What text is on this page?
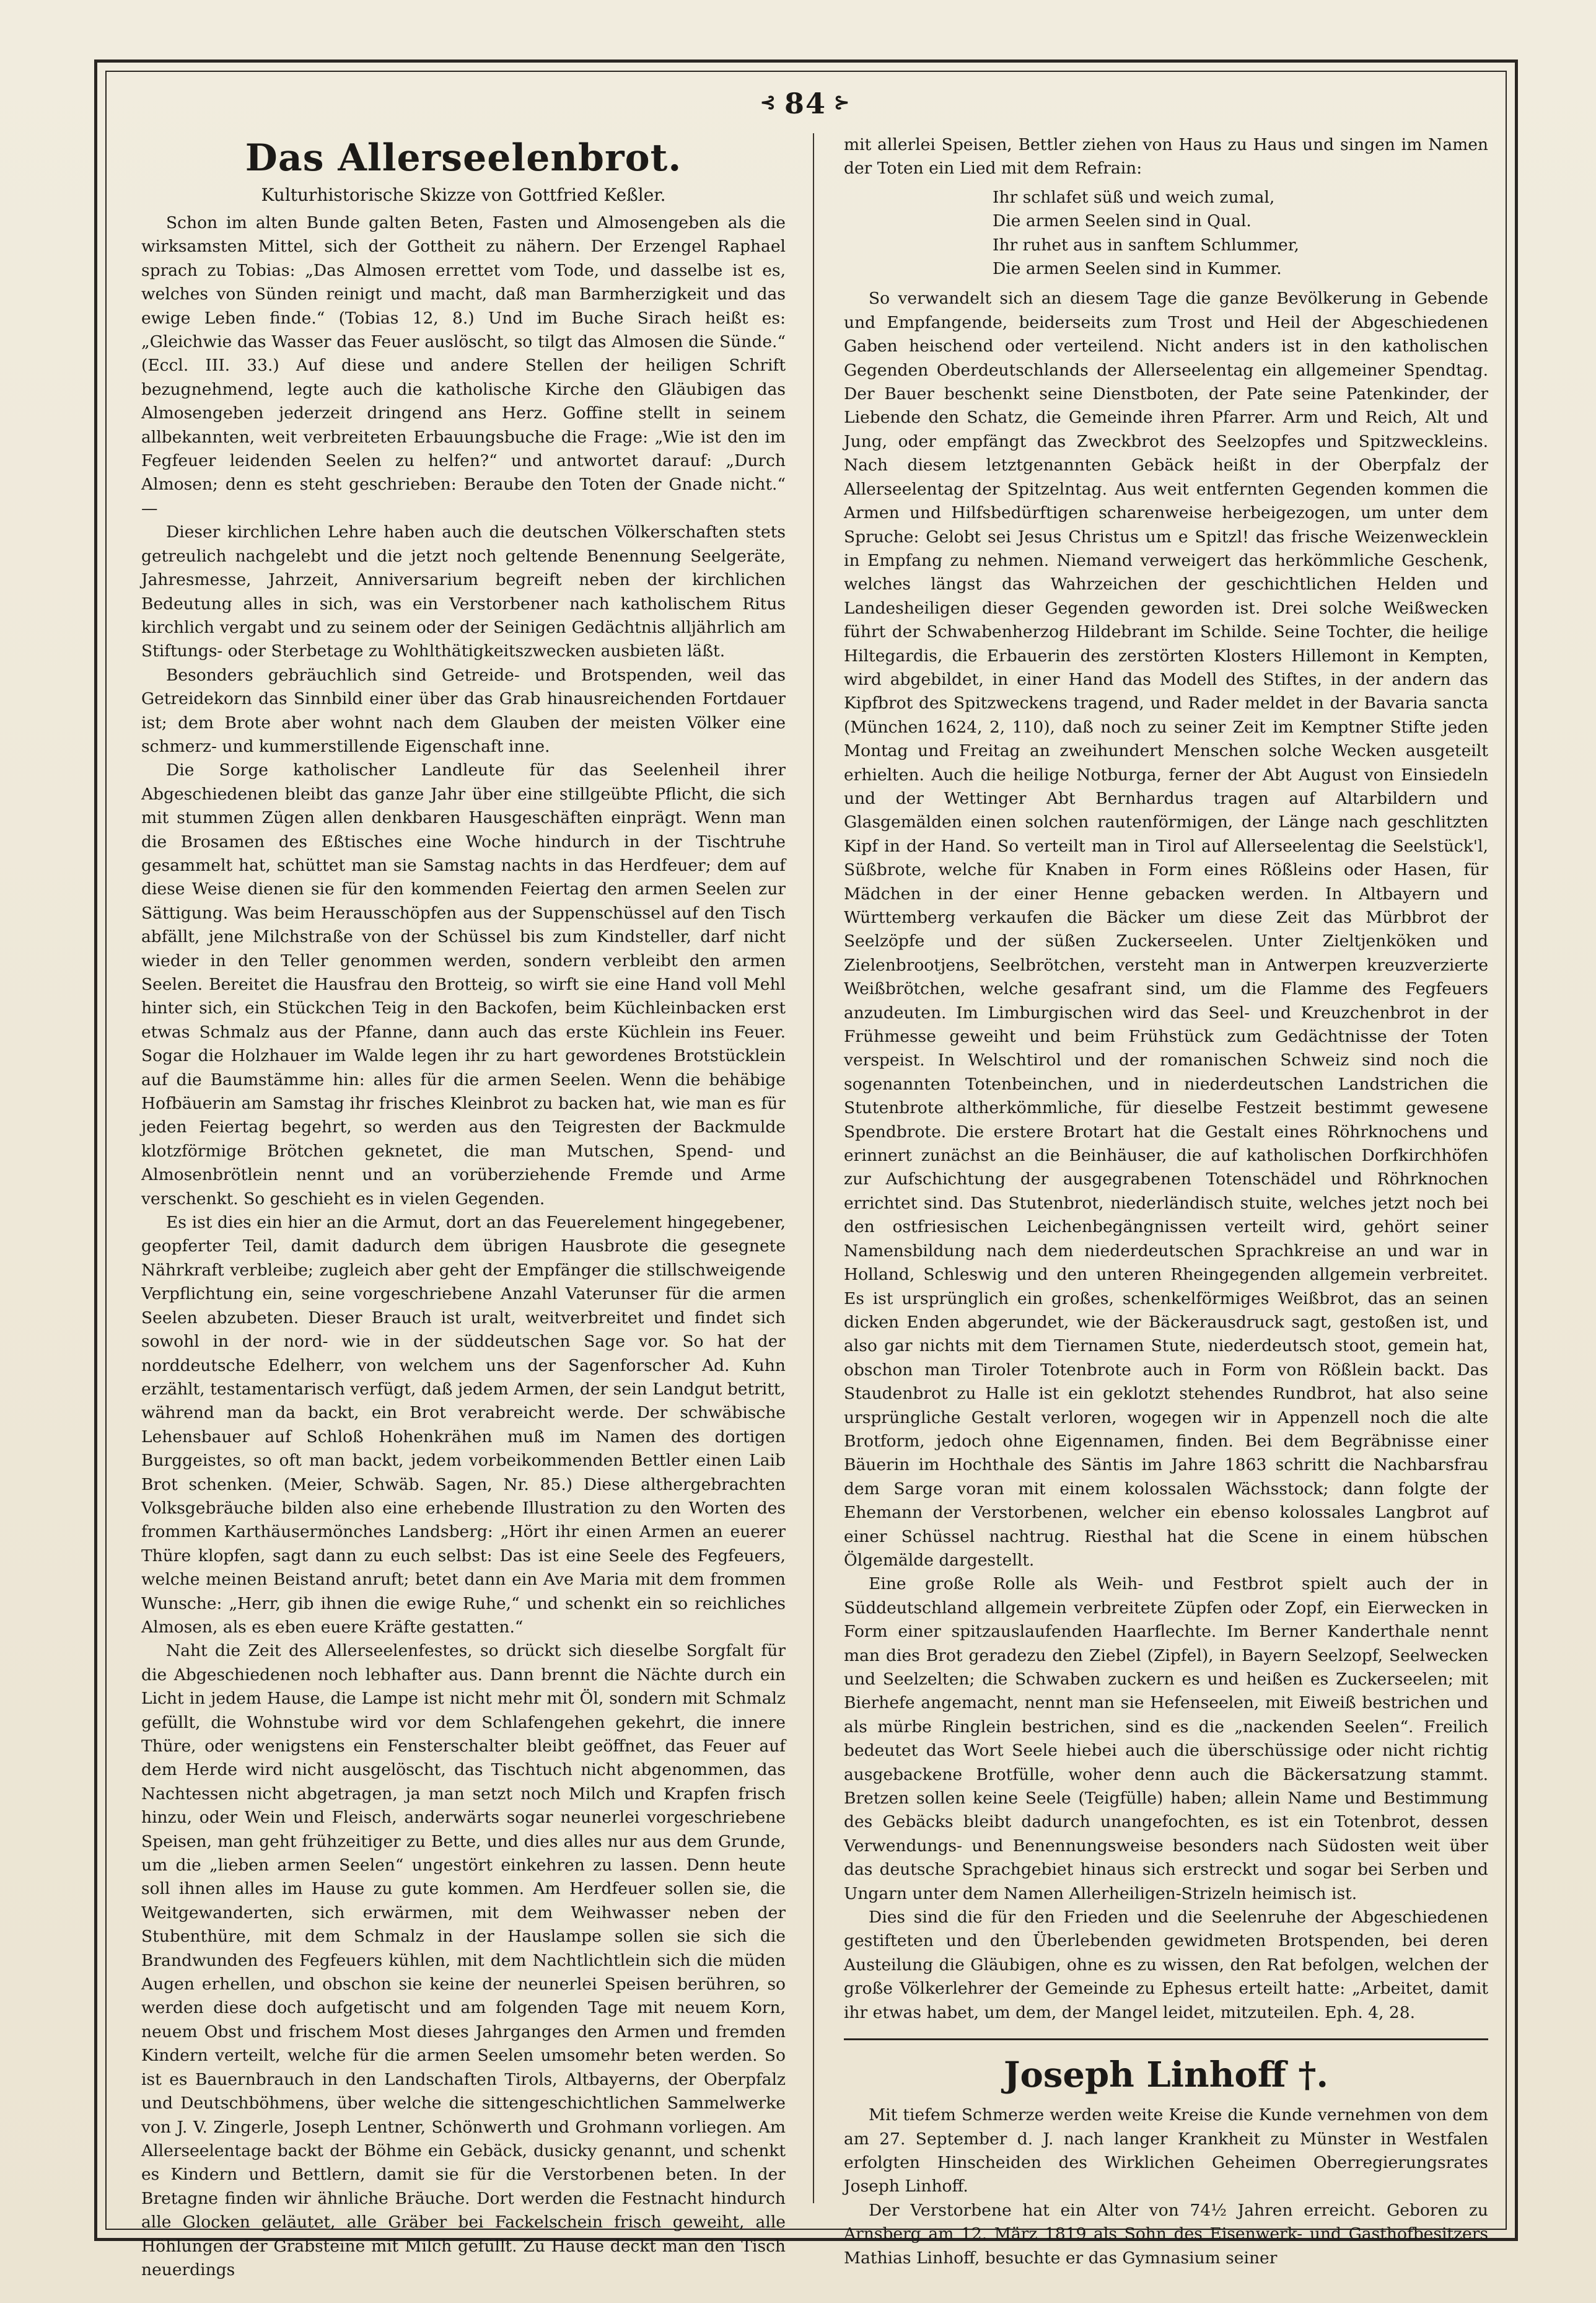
⊰ 84 ⊱
Das Allerseelenbrot.
Kulturhistorische Skizze von Gottfried Keßler.

Schon im alten Bunde galten Beten, Fasten und Almosengeben als die wirksamsten Mittel, sich der Gottheit zu nähern. Der Erzengel Raphael sprach zu Tobias: „Das Almosen errettet vom Tode, und dasselbe ist es, welches von Sünden reinigt und macht, daß man Barmherzigkeit und das ewige Leben finde.“ (Tobias 12, 8.) Und im Buche Sirach heißt es: „Gleichwie das Wasser das Feuer auslöscht, so tilgt das Almosen die Sünde.“ (Eccl. III. 33.) Auf diese und andere Stellen der heiligen Schrift bezugnehmend, legte auch die katholische Kirche den Gläubigen das Almosengeben jederzeit dringend ans Herz. Goffine stellt in seinem allbekannten, weit verbreiteten Erbauungsbuche die Frage: „Wie ist den im Fegfeuer leidenden Seelen zu helfen?“ und antwortet darauf: „Durch Almosen; denn es steht geschrieben: Beraube den Toten der Gnade nicht.“ —

Dieser kirchlichen Lehre haben auch die deutschen Völkerschaften stets getreulich nachgelebt und die jetzt noch geltende Benennung Seelgeräte, Jahresmesse, Jahrzeit, Anniversarium begreift neben der kirchlichen Bedeutung alles in sich, was ein Verstorbener nach katholischem Ritus kirchlich vergabt und zu seinem oder der Seinigen Gedächtnis alljährlich am Stiftungs- oder Sterbetage zu Wohlthätigkeitszwecken ausbieten läßt.

Besonders gebräuchlich sind Getreide- und Brotspenden, weil das Getreidekorn das Sinnbild einer über das Grab hinausreichenden Fortdauer ist; dem Brote aber wohnt nach dem Glauben der meisten Völker eine schmerz- und kummerstillende Eigenschaft inne.

Die Sorge katholischer Landleute für das Seelenheil ihrer Abgeschiedenen bleibt das ganze Jahr über eine stillgeübte Pflicht, die sich mit stummen Zügen allen denkbaren Hausgeschäften einprägt. Wenn man die Brosamen des Eßtisches eine Woche hindurch in der Tischtruhe gesammelt hat, schüttet man sie Samstag nachts in das Herdfeuer; dem auf diese Weise dienen sie für den kommenden Feiertag den armen Seelen zur Sättigung. Was beim Herausschöpfen aus der Suppenschüssel auf den Tisch abfällt, jene Milchstraße von der Schüssel bis zum Kindsteller, darf nicht wieder in den Teller genommen werden, sondern verbleibt den armen Seelen. Bereitet die Hausfrau den Brotteig, so wirft sie eine Hand voll Mehl hinter sich, ein Stückchen Teig in den Backofen, beim Küchleinbacken erst etwas Schmalz aus der Pfanne, dann auch das erste Küchlein ins Feuer. Sogar die Holzhauer im Walde legen ihr zu hart gewordenes Brotstücklein auf die Baumstämme hin: alles für die armen Seelen. Wenn die behäbige Hofbäuerin am Samstag ihr frisches Kleinbrot zu backen hat, wie man es für jeden Feiertag begehrt, so werden aus den Teigresten der Backmulde klotzförmige Brötchen geknetet, die man Mutschen, Spend- und Almosenbrötlein nennt und an vorüberziehende Fremde und Arme verschenkt. So geschieht es in vielen Gegenden.

Es ist dies ein hier an die Armut, dort an das Feuerelement hingegebener, geopferter Teil, damit dadurch dem übrigen Hausbrote die gesegnete Nährkraft verbleibe; zugleich aber geht der Empfänger die stillschweigende Verpflichtung ein, seine vorgeschriebene Anzahl Vaterunser für die armen Seelen abzubeten. Dieser Brauch ist uralt, weitverbreitet und findet sich sowohl in der nord- wie in der süddeutschen Sage vor. So hat der norddeutsche Edelherr, von welchem uns der Sagenforscher Ad. Kuhn erzählt, testamentarisch verfügt, daß jedem Armen, der sein Landgut betritt, während man da backt, ein Brot verabreicht werde. Der schwäbische Lehensbauer auf Schloß Hohenkrähen muß im Namen des dortigen Burggeistes, so oft man backt, jedem vorbeikommenden Bettler einen Laib Brot schenken. (Meier, Schwäb. Sagen, Nr. 85.) Diese althergebrachten Volksgebräuche bilden also eine erhebende Illustration zu den Worten des frommen Karthäusermönches Landsberg: „Hört ihr einen Armen an euerer Thüre klopfen, sagt dann zu euch selbst: Das ist eine Seele des Fegfeuers, welche meinen Beistand anruft; betet dann ein Ave Maria mit dem frommen Wunsche: „Herr, gib ihnen die ewige Ruhe,“ und schenkt ein so reichliches Almosen, als es eben euere Kräfte gestatten.“

Naht die Zeit des Allerseelenfestes, so drückt sich dieselbe Sorgfalt für die Abgeschiedenen noch lebhafter aus. Dann brennt die Nächte durch ein Licht in jedem Hause, die Lampe ist nicht mehr mit Öl, sondern mit Schmalz gefüllt, die Wohnstube wird vor dem Schlafengehen gekehrt, die innere Thüre, oder wenigstens ein Fensterschalter bleibt geöffnet, das Feuer auf dem Herde wird nicht ausgelöscht, das Tischtuch nicht abgenommen, das Nachtessen nicht abgetragen, ja man setzt noch Milch und Krapfen frisch hinzu, oder Wein und Fleisch, anderwärts sogar neunerlei vorgeschriebene Speisen, man geht frühzeitiger zu Bette, und dies alles nur aus dem Grunde, um die „lieben armen Seelen“ ungestört einkehren zu lassen. Denn heute soll ihnen alles im Hause zu gute kommen. Am Herdfeuer sollen sie, die Weitgewanderten, sich erwärmen, mit dem Weihwasser neben der Stubenthüre, mit dem Schmalz in der Hauslampe sollen sie sich die Brandwunden des Fegfeuers kühlen, mit dem Nachtlichtlein sich die müden Augen erhellen, und obschon sie keine der neunerlei Speisen berühren, so werden diese doch aufgetischt und am folgenden Tage mit neuem Korn, neuem Obst und frischem Most dieses Jahrganges den Armen und fremden Kindern verteilt, welche für die armen Seelen umsomehr beten werden. So ist es Bauernbrauch in den Landschaften Tirols, Altbayerns, der Oberpfalz und Deutschböhmens, über welche die sittengeschichtlichen Sammelwerke von J. V. Zingerle, Joseph Lentner, Schönwerth und Grohmann vorliegen. Am Allerseelentage backt der Böhme ein Gebäck, dusicky genannt, und schenkt es Kindern und Bettlern, damit sie für die Verstorbenen beten. In der Bretagne finden wir ähnliche Bräuche. Dort werden die Festnacht hindurch alle Glocken geläutet, alle Gräber bei Fackelschein frisch geweiht, alle Höhlungen der Grabsteine mit Milch gefüllt. Zu Hause deckt man den Tisch neuerdings

mit allerlei Speisen, Bettler ziehen von Haus zu Haus und singen im Namen der Toten ein Lied mit dem Refrain:

Ihr schlafet süß und weich zumal,
Die armen Seelen sind in Qual.
Ihr ruhet aus in sanftem Schlummer,
Die armen Seelen sind in Kummer.

So verwandelt sich an diesem Tage die ganze Bevölkerung in Gebende und Empfangende, beiderseits zum Trost und Heil der Abgeschiedenen Gaben heischend oder verteilend. Nicht anders ist in den katholischen Gegenden Oberdeutschlands der Allerseelentag ein allgemeiner Spendtag. Der Bauer beschenkt seine Dienstboten, der Pate seine Patenkinder, der Liebende den Schatz, die Gemeinde ihren Pfarrer. Arm und Reich, Alt und Jung, oder empfängt das Zweckbrot des Seelzopfes und Spitzweckleins. Nach diesem letztgenannten Gebäck heißt in der Oberpfalz der Allerseelentag der Spitzelntag. Aus weit entfernten Gegenden kommen die Armen und Hilfsbedürftigen scharenweise herbeigezogen, um unter dem Spruche: Gelobt sei Jesus Christus um e Spitzl! das frische Weizenwecklein in Empfang zu nehmen. Niemand verweigert das herkömmliche Geschenk, welches längst das Wahrzeichen der geschichtlichen Helden und Landesheiligen dieser Gegenden geworden ist. Drei solche Weißwecken führt der Schwabenherzog Hildebrant im Schilde. Seine Tochter, die heilige Hiltegardis, die Erbauerin des zerstörten Klosters Hillemont in Kempten, wird abgebildet, in einer Hand das Modell des Stiftes, in der andern das Kipfbrot des Spitzweckens tragend, und Rader meldet in der Bavaria sancta (München 1624, 2, 110), daß noch zu seiner Zeit im Kemptner Stifte jeden Montag und Freitag an zweihundert Menschen solche Wecken ausgeteilt erhielten. Auch die heilige Notburga, ferner der Abt August von Einsiedeln und der Wettinger Abt Bernhardus tragen auf Altarbildern und Glasgemälden einen solchen rautenförmigen, der Länge nach geschlitzten Kipf in der Hand. So verteilt man in Tirol auf Allerseelentag die Seelstück'l, Süßbrote, welche für Knaben in Form eines Rößleins oder Hasen, für Mädchen in der einer Henne gebacken werden. In Altbayern und Württemberg verkaufen die Bäcker um diese Zeit das Mürbbrot der Seelzöpfe und der süßen Zuckerseelen. Unter Zieltjenköken und Zielenbrootjens, Seelbrötchen, versteht man in Antwerpen kreuzverzierte Weißbrötchen, welche gesafrant sind, um die Flamme des Fegfeuers anzudeuten. Im Limburgischen wird das Seel- und Kreuzchenbrot in der Frühmesse geweiht und beim Frühstück zum Gedächtnisse der Toten verspeist. In Welschtirol und der romanischen Schweiz sind noch die sogenannten Totenbeinchen, und in niederdeutschen Landstrichen die Stutenbrote altherkömmliche, für dieselbe Festzeit bestimmt gewesene Spendbrote. Die erstere Brotart hat die Gestalt eines Röhrknochens und erinnert zunächst an die Beinhäuser, die auf katholischen Dorfkirchhöfen zur Aufschichtung der ausgegrabenen Totenschädel und Röhrknochen errichtet sind. Das Stutenbrot, niederländisch stuite, welches jetzt noch bei den ostfriesischen Leichenbegängnissen verteilt wird, gehört seiner Namensbildung nach dem niederdeutschen Sprachkreise an und war in Holland, Schleswig und den unteren Rheingegenden allgemein verbreitet. Es ist ursprünglich ein großes, schenkelförmiges Weißbrot, das an seinen dicken Enden abgerundet, wie der Bäckerausdruck sagt, gestoßen ist, und also gar nichts mit dem Tiernamen Stute, niederdeutsch stoot, gemein hat, obschon man Tiroler Totenbrote auch in Form von Rößlein backt. Das Staudenbrot zu Halle ist ein geklotzt stehendes Rundbrot, hat also seine ursprüngliche Gestalt verloren, wogegen wir in Appenzell noch die alte Brotform, jedoch ohne Eigennamen, finden. Bei dem Begräbnisse einer Bäuerin im Hochthale des Säntis im Jahre 1863 schritt die Nachbarsfrau dem Sarge voran mit einem kolossalen Wächsstock; dann folgte der Ehemann der Verstorbenen, welcher ein ebenso kolossales Langbrot auf einer Schüssel nachtrug. Riesthal hat die Scene in einem hübschen Ölgemälde dargestellt.

Eine große Rolle als Weih- und Festbrot spielt auch der in Süddeutschland allgemein verbreitete Züpfen oder Zopf, ein Eierwecken in Form einer spitzauslaufenden Haarflechte. Im Berner Kanderthale nennt man dies Brot geradezu den Ziebel (Zipfel), in Bayern Seelzopf, Seelwecken und Seelzelten; die Schwaben zuckern es und heißen es Zuckerseelen; mit Bierhefe angemacht, nennt man sie Hefenseelen, mit Eiweiß bestrichen und als mürbe Ringlein bestrichen, sind es die „nackenden Seelen“. Freilich bedeutet das Wort Seele hiebei auch die überschüssige oder nicht richtig ausgebackene Brotfülle, woher denn auch die Bäckersatzung stammt. Bretzen sollen keine Seele (Teigfülle) haben; allein Name und Bestimmung des Gebäcks bleibt dadurch unangefochten, es ist ein Totenbrot, dessen Verwendungs- und Benennungsweise besonders nach Südosten weit über das deutsche Sprachgebiet hinaus sich erstreckt und sogar bei Serben und Ungarn unter dem Namen Allerheiligen-Strizeln heimisch ist.

Dies sind die für den Frieden und die Seelenruhe der Abgeschiedenen gestifteten und den Überlebenden gewidmeten Brotspenden, bei deren Austeilung die Gläubigen, ohne es zu wissen, den Rat befolgen, welchen der große Völkerlehrer der Gemeinde zu Ephesus erteilt hatte: „Arbeitet, damit ihr etwas habet, um dem, der Mangel leidet, mitzuteilen. Eph. 4, 28.

Joseph Linhoff †.

Mit tiefem Schmerze werden weite Kreise die Kunde vernehmen von dem am 27. September d. J. nach langer Krankheit zu Münster in Westfalen erfolgten Hinscheiden des Wirklichen Geheimen Oberregierungsrates Joseph Linhoff.

Der Verstorbene hat ein Alter von 74½ Jahren erreicht. Geboren zu Arnsberg am 12. März 1819 als Sohn des Eisenwerk- und Gasthofbesitzers Mathias Linhoff, besuchte er das Gymnasium seiner
